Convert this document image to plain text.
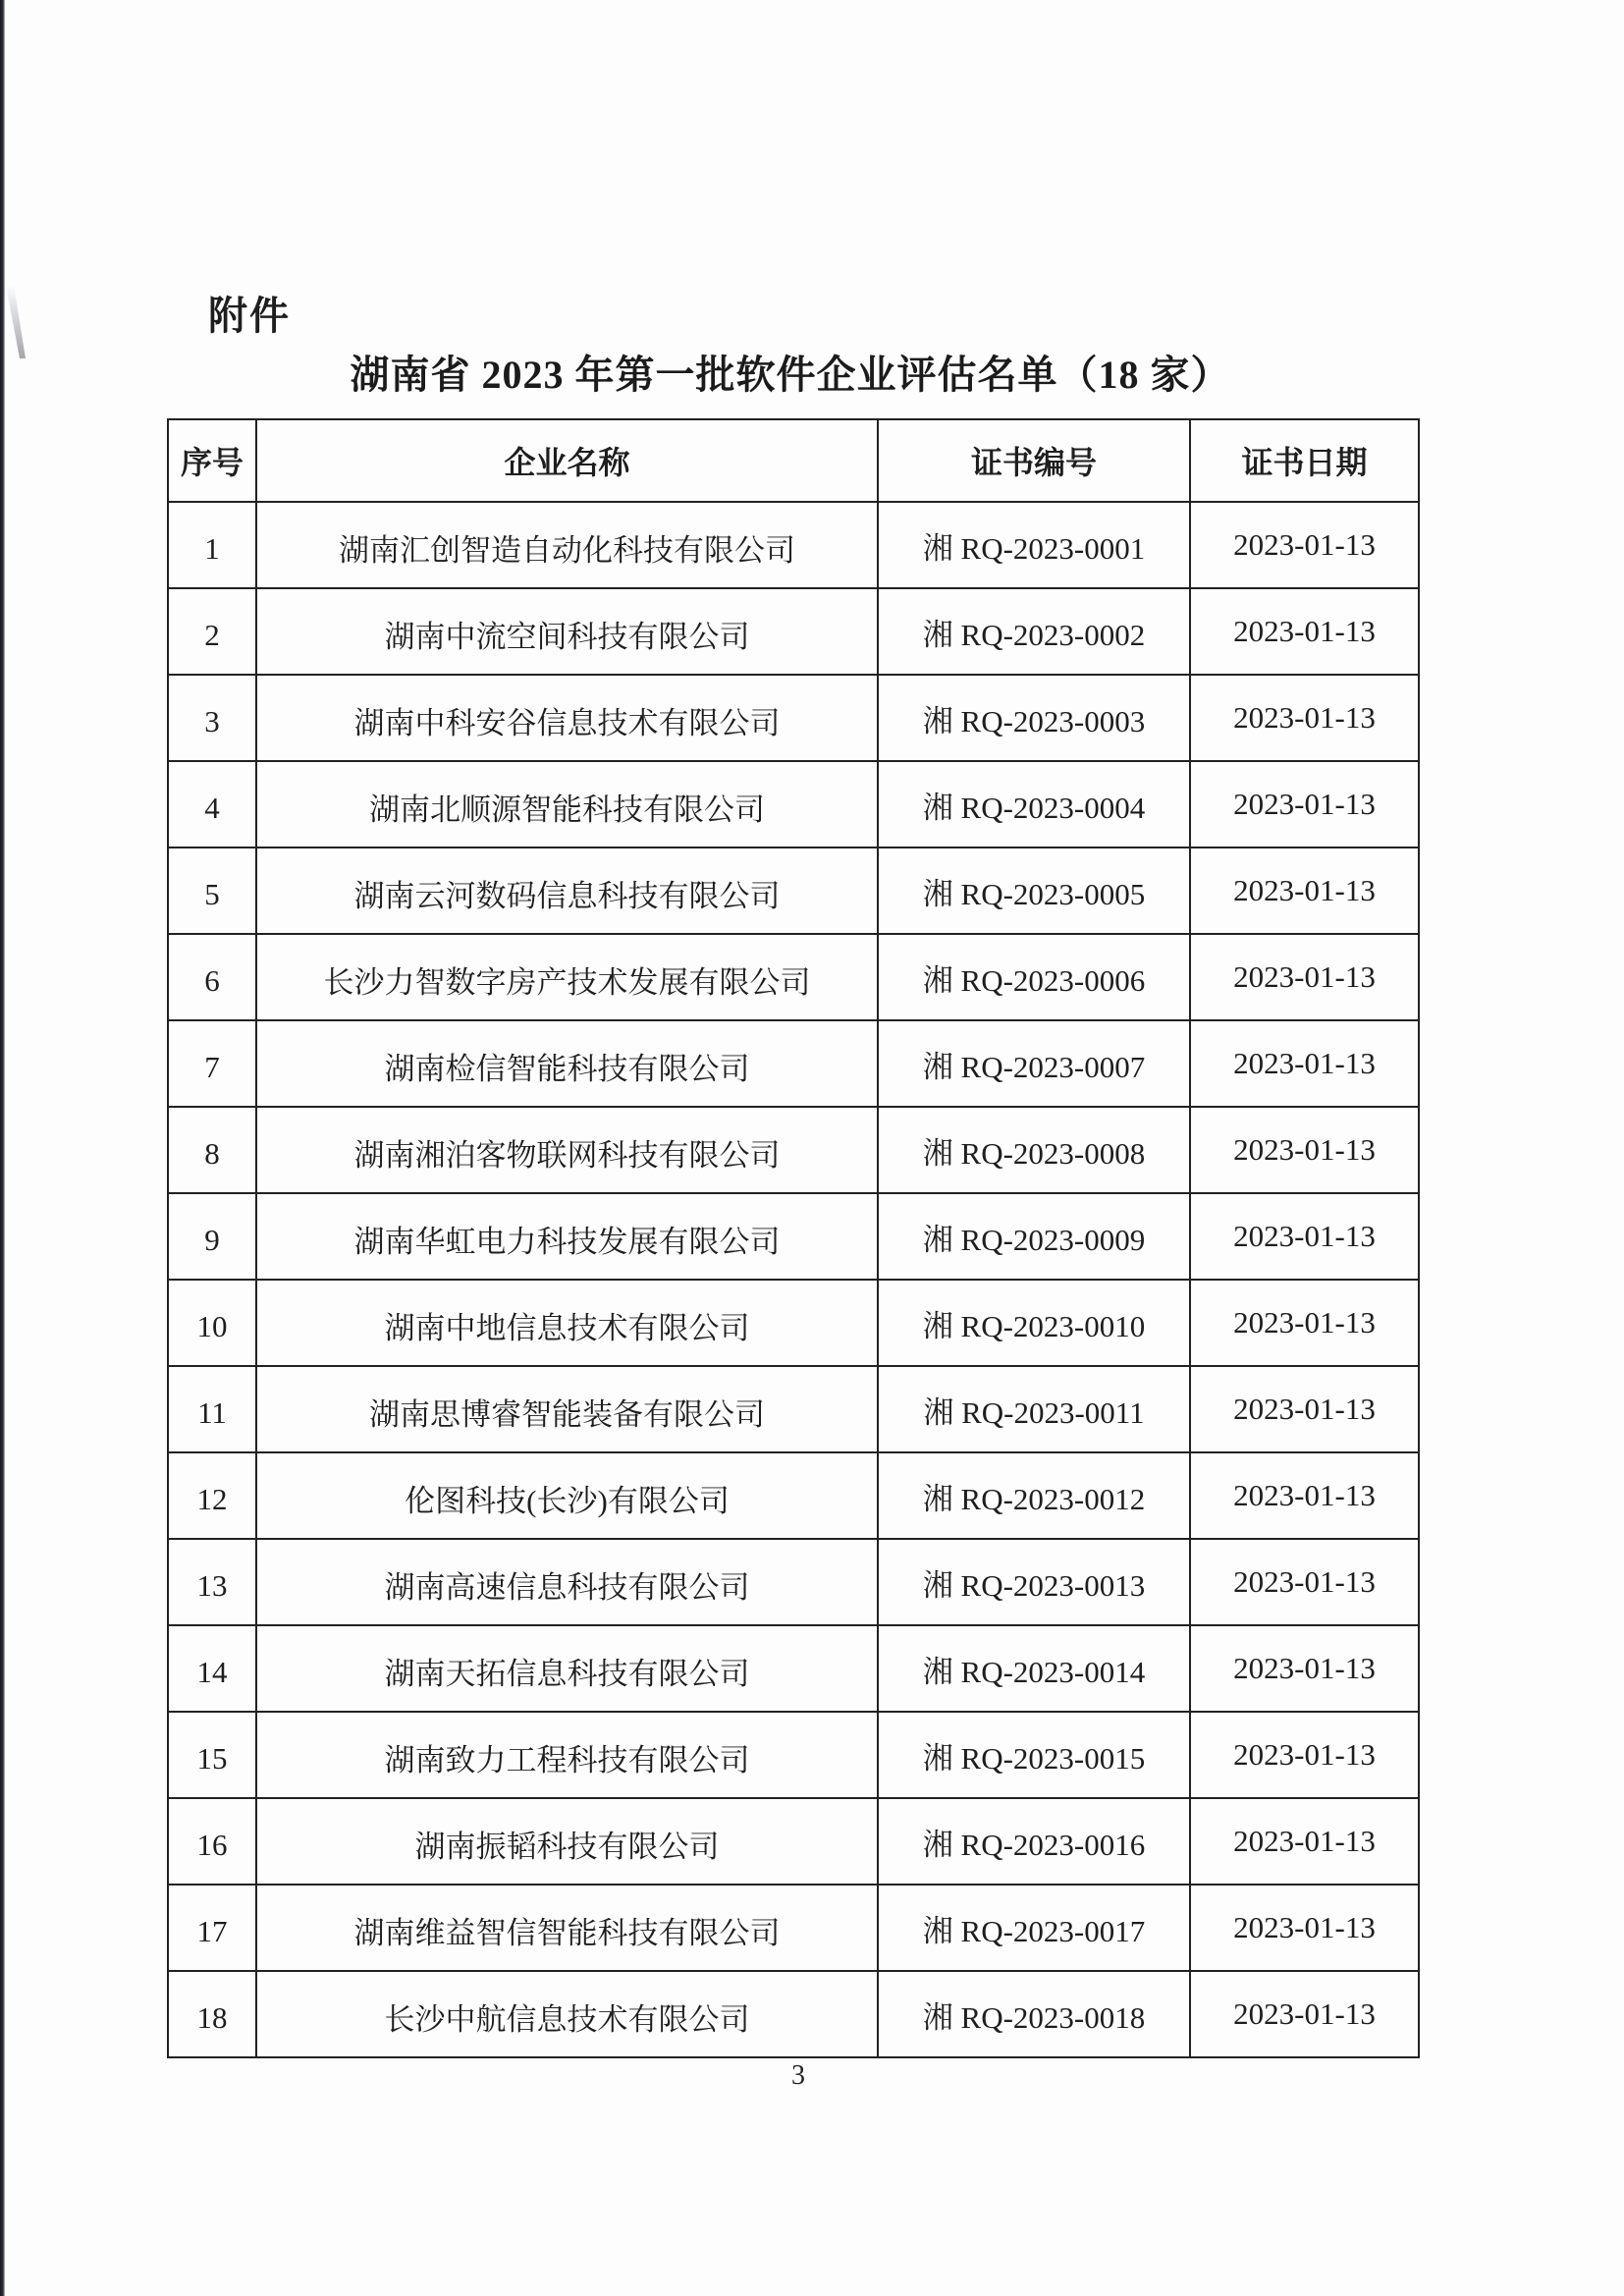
附件
湖南省 2023 年第一批软件企业评估名单（18 家）
序号	企业名称	证书编号	证书日期
1	湖南汇创智造自动化科技有限公司	湘 RQ-2023-0001	2023-01-13
2	湖南中流空间科技有限公司	湘 RQ-2023-0002	2023-01-13
3	湖南中科安谷信息技术有限公司	湘 RQ-2023-0003	2023-01-13
4	湖南北顺源智能科技有限公司	湘 RQ-2023-0004	2023-01-13
5	湖南云河数码信息科技有限公司	湘 RQ-2023-0005	2023-01-13
6	长沙力智数字房产技术发展有限公司	湘 RQ-2023-0006	2023-01-13
7	湖南检信智能科技有限公司	湘 RQ-2023-0007	2023-01-13
8	湖南湘泊客物联网科技有限公司	湘 RQ-2023-0008	2023-01-13
9	湖南华虹电力科技发展有限公司	湘 RQ-2023-0009	2023-01-13
10	湖南中地信息技术有限公司	湘 RQ-2023-0010	2023-01-13
11	湖南思博睿智能装备有限公司	湘 RQ-2023-0011	2023-01-13
12	伦图科技(长沙)有限公司	湘 RQ-2023-0012	2023-01-13
13	湖南高速信息科技有限公司	湘 RQ-2023-0013	2023-01-13
14	湖南天拓信息科技有限公司	湘 RQ-2023-0014	2023-01-13
15	湖南致力工程科技有限公司	湘 RQ-2023-0015	2023-01-13
16	湖南振韬科技有限公司	湘 RQ-2023-0016	2023-01-13
17	湖南维益智信智能科技有限公司	湘 RQ-2023-0017	2023-01-13
18	长沙中航信息技术有限公司	湘 RQ-2023-0018	2023-01-13
3
